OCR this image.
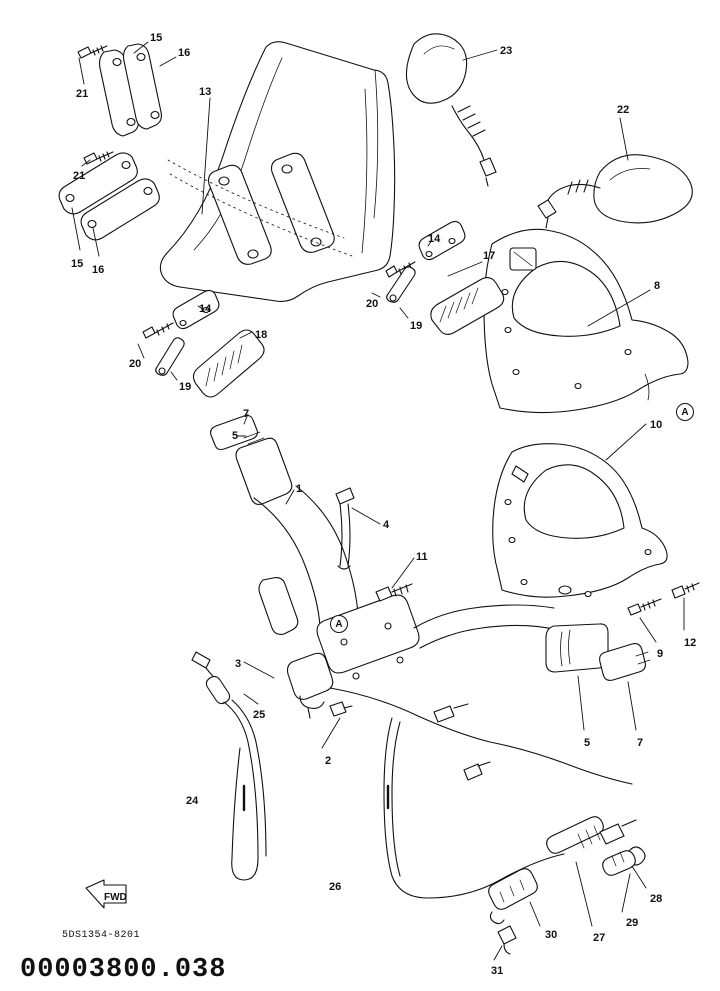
A
A
15
16
21	13
23
22
21
15 16
14
17
8
20
19
14
18
20
19
10
7
5
1
4
11
12
9
3
25
2
5	7
24
26
28
29
27
30
31
FWD
5DS1354-8201
00003800.038
